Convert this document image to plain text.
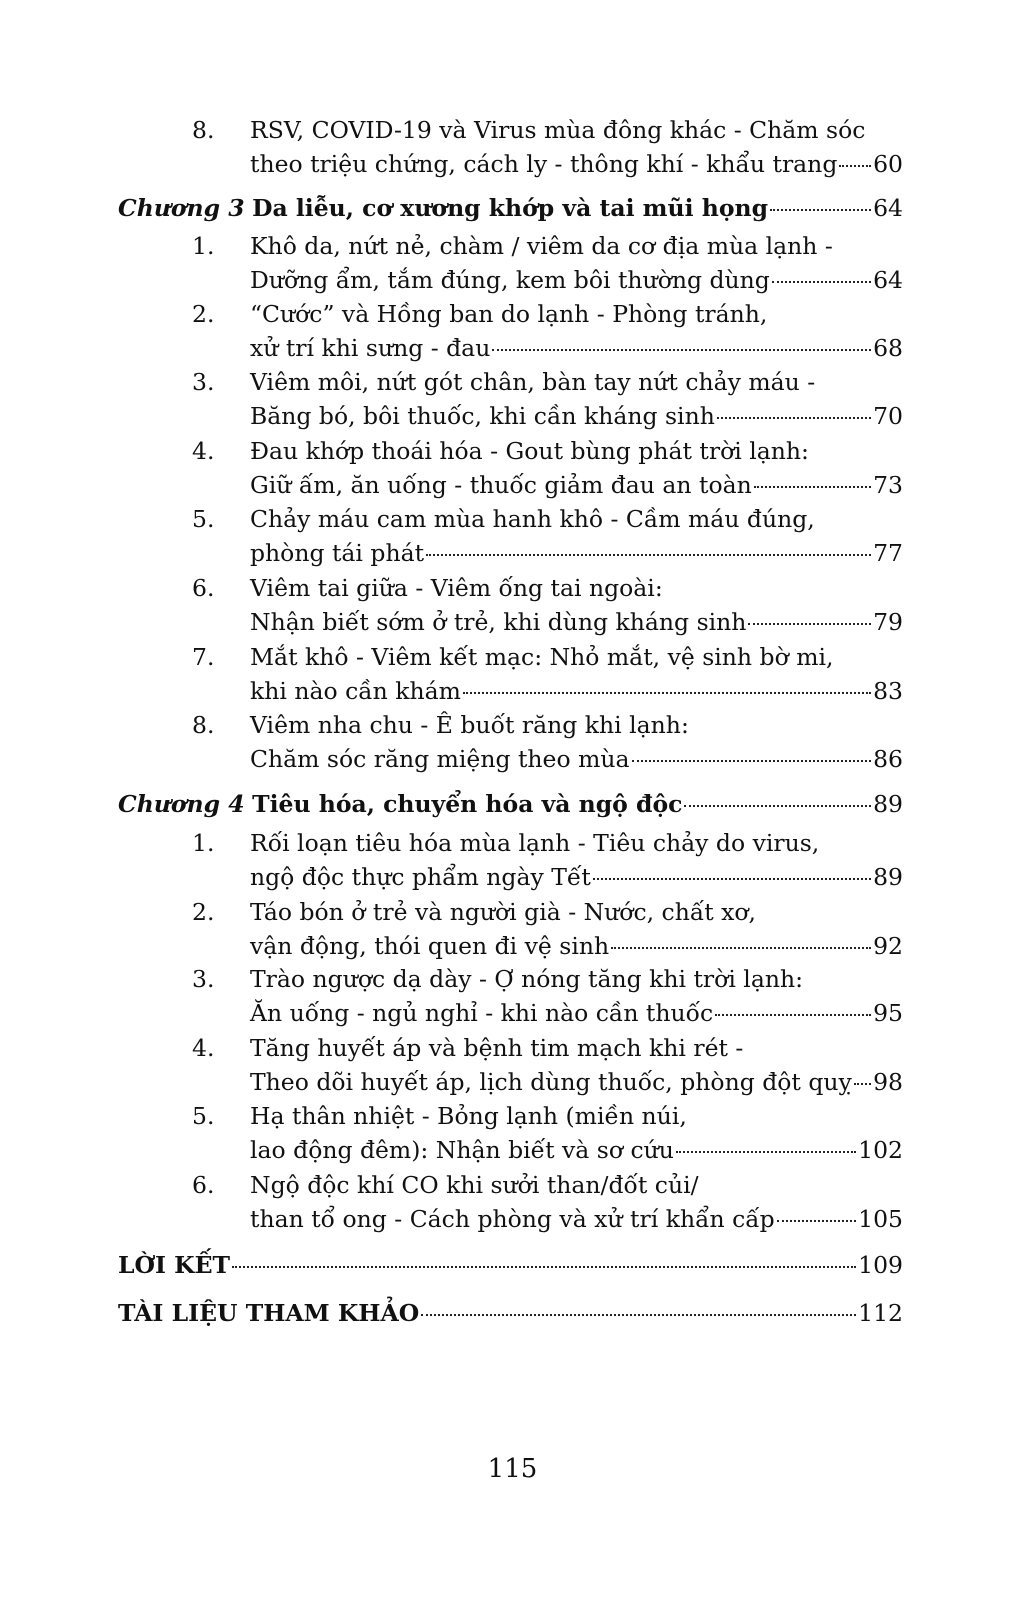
8.	RSV, COVID-19 và Virus mùa đông khác - Chăm sóc
theo triệu chứng, cách ly - thông khí - khẩu trang 60
Chương 3 Da liễu, cơ xương khớp và tai mũi họng	64
1.	Khô da, nứt nẻ, chàm / viêm da cơ địa mùa lạnh -
Dưỡng ẩm, tắm đúng, kem bôi thường dùng	64
2.	“Cước” và Hồng ban do lạnh - Phòng tránh,
xử trí khi sưng - đau	68
3.	Viêm môi, nứt gót chân, bàn tay nứt chảy máu -
Băng bó, bôi thuốc, khi cần kháng sinh	70
4.	Đau khớp thoái hóa - Gout bùng phát trời lạnh:
Giữ ấm, ăn uống - thuốc giảm đau an toàn	73
5.	Chảy máu cam mùa hanh khô - Cầm máu đúng,
phòng tái phát	77
6.	Viêm tai giữa - Viêm ống tai ngoài:
Nhận biết sớm ở trẻ, khi dùng kháng sinh	79
7.	Mắt khô - Viêm kết mạc: Nhỏ mắt, vệ sinh bờ mi,
khi nào cần khám	83
8.	Viêm nha chu - Ê buốt răng khi lạnh:
Chăm sóc răng miệng theo mùa	86
Chương 4 Tiêu hóa, chuyển hóa và ngộ độc	89
1.	Rối loạn tiêu hóa mùa lạnh - Tiêu chảy do virus,
ngộ độc thực phẩm ngày Tết	89
2.	Táo bón ở trẻ và người già - Nước, chất xơ,
vận động, thói quen đi vệ sinh	92
3.	Trào ngược dạ dày - Ợ nóng tăng khi trời lạnh:
Ăn uống - ngủ nghỉ - khi nào cần thuốc	95
4.	Tăng huyết áp và bệnh tim mạch khi rét -
Theo dõi huyết áp, lịch dùng thuốc, phòng đột quỵ 98
5.	Hạ thân nhiệt - Bỏng lạnh (miền núi,
lao động đêm): Nhận biết và sơ cứu	102
6.	Ngộ độc khí CO khi sưởi than/đốt củi/
than tổ ong - Cách phòng và xử trí khẩn cấp	105
LỜI KẾT	109
TÀI LIỆU THAM KHẢO	112
115
